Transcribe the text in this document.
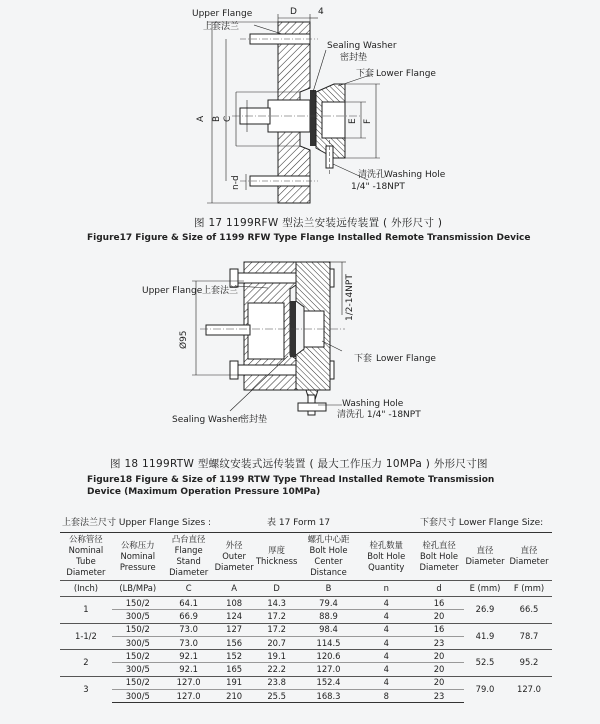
D 4
A B C	E F
n-d
Upper Flange
上套法兰
Sealing Washer
密封垫
下套 Lower Flange
清洗孔
Washing Hole
1/4" -18NPT
图 17 1199RFW 型法兰安装远传装置 ( 外形尺寸 )
Figure17 Figure & Size of 1199 RFW Type Flange Installed Remote Transmission Device
1/2-14NPT
Ø95
Upper Flange 上套法兰
下套 Lower Flange
Washing Hole
清洗孔 1/4" -18NPT
Sealing Washer
密封垫
图 18 1199RTW 型螺纹安装式远传装置 ( 最大工作压力 10MPa ) 外形尺寸图
Figure18 Figure & Size of 1199 RTW Type Thread Installed Remote Transmission
Device (Maximum Operation Pressure 10MPa)
上套法兰尺寸 Upper Flange Sizes :	表 17 Form 17	下套尺寸 Lower Flange Size:
公称管径
Nominal Tube Diameter	公称压力
Nominal Pressure	凸台直径
Flange Stand Diameter	外径
Outer Diameter	厚度
Thickness	螺孔中心距
Bolt Hole Center Distance	栓孔数量
Bolt Hole Quantity	栓孔直径
Bolt Hole Diameter	直径
Diameter	直径
Diameter
(Inch)	(LB/MPa)	C	A	D	B	n	d	E (mm)	F (mm)
1	150/2	64.1	108	14.3	79.4	4	16	26.9	66.5
	300/5	66.9	124	17.2	88.9	4	20		
1-1/2	150/2	73.0	127	17.2	98.4	4	16	41.9	78.7
	300/5	73.0	156	20.7	114.5	4	23		
2	150/2	92.1	152	19.1	120.6	4	20	52.5	95.2
	300/5	92.1	165	22.2	127.0	4	20		
3	150/2	127.0	191	23.8	152.4	4	20	79.0	127.0
	300/5	127.0	210	25.5	168.3	8	23		
